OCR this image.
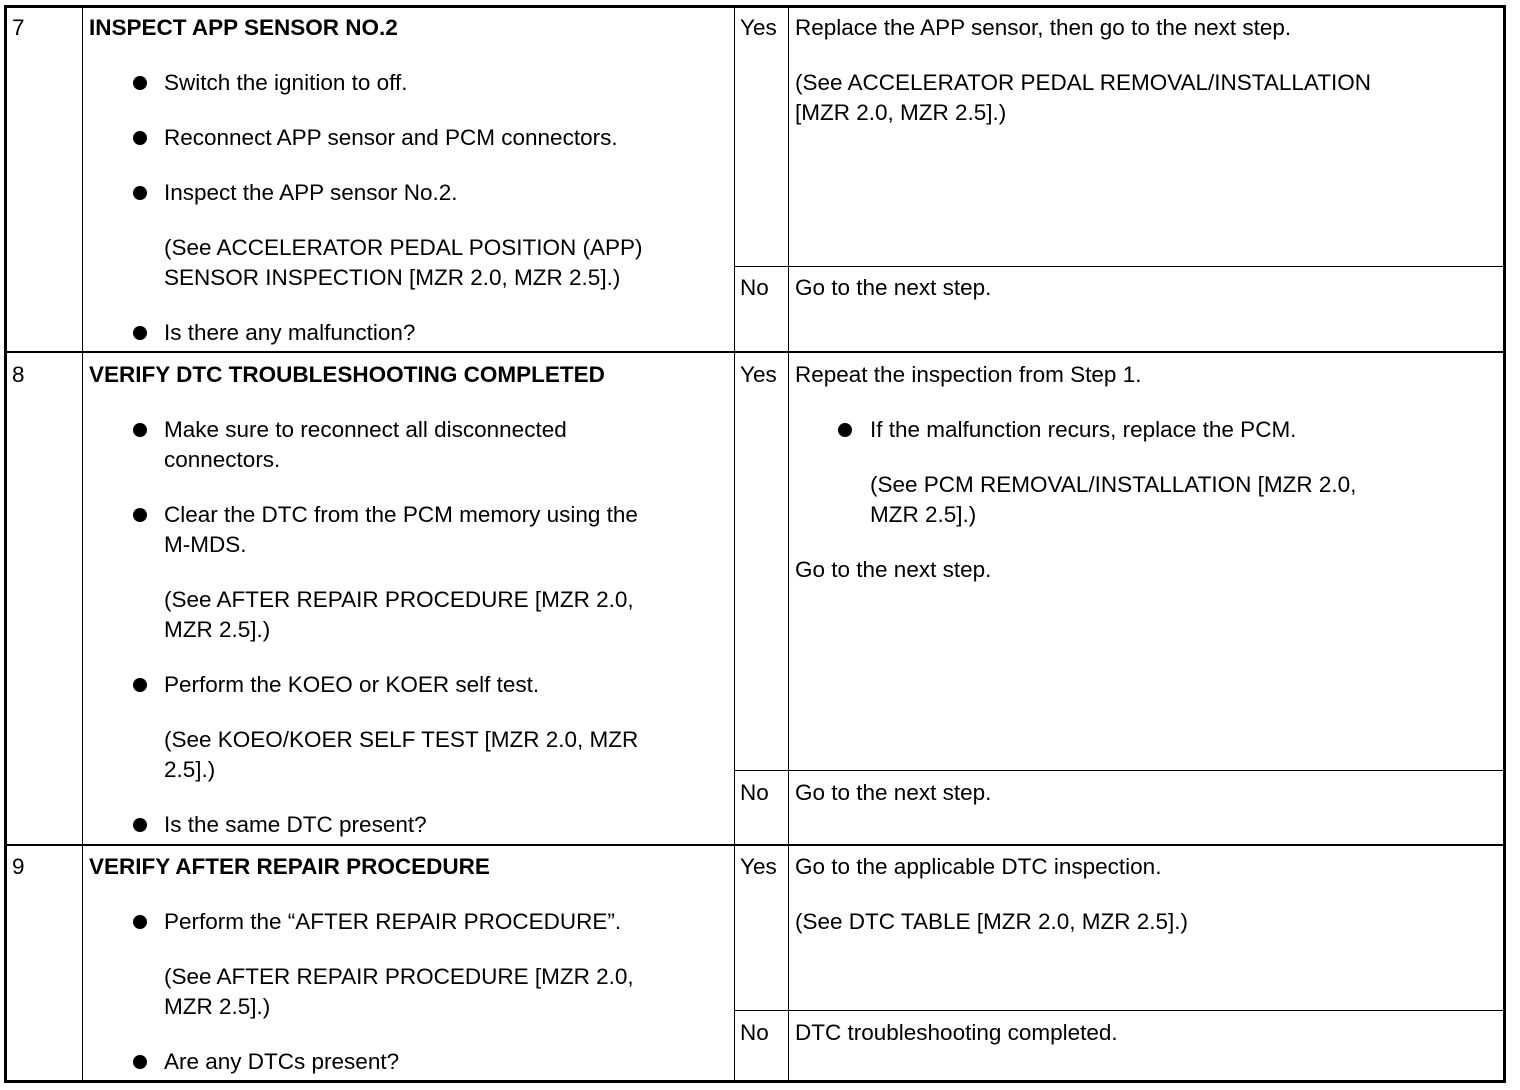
7	INSPECT APP SENSOR NO.2
Switch the ignition to off.
Reconnect APP sensor and PCM connectors.
Inspect the APP sensor No.2.
(See ACCELERATOR PEDAL POSITION (APP)
SENSOR INSPECTION [MZR 2.0, MZR 2.5].)
Is there any malfunction?
Yes Replace the APP sensor, then go to the next step.
(See ACCELERATOR PEDAL REMOVAL/INSTALLATION
[MZR 2.0, MZR 2.5].)
No Go to the next step.
8	VERIFY DTC TROUBLESHOOTING COMPLETED
Make sure to reconnect all disconnected
connectors.
Clear the DTC from the PCM memory using the
M-MDS.
(See AFTER REPAIR PROCEDURE [MZR 2.0,
MZR 2.5].)
Perform the KOEO or KOER self test.
(See KOEO/KOER SELF TEST [MZR 2.0, MZR
2.5].)
Is the same DTC present?
Yes Repeat the inspection from Step 1.
If the malfunction recurs, replace the PCM.
(See PCM REMOVAL/INSTALLATION [MZR 2.0,
MZR 2.5].)
Go to the next step.
No Go to the next step.
9	VERIFY AFTER REPAIR PROCEDURE
Perform the “AFTER REPAIR PROCEDURE”.
(See AFTER REPAIR PROCEDURE [MZR 2.0,
MZR 2.5].)
Are any DTCs present?
Yes Go to the applicable DTC inspection.
(See DTC TABLE [MZR 2.0, MZR 2.5].)
No DTC troubleshooting completed.
